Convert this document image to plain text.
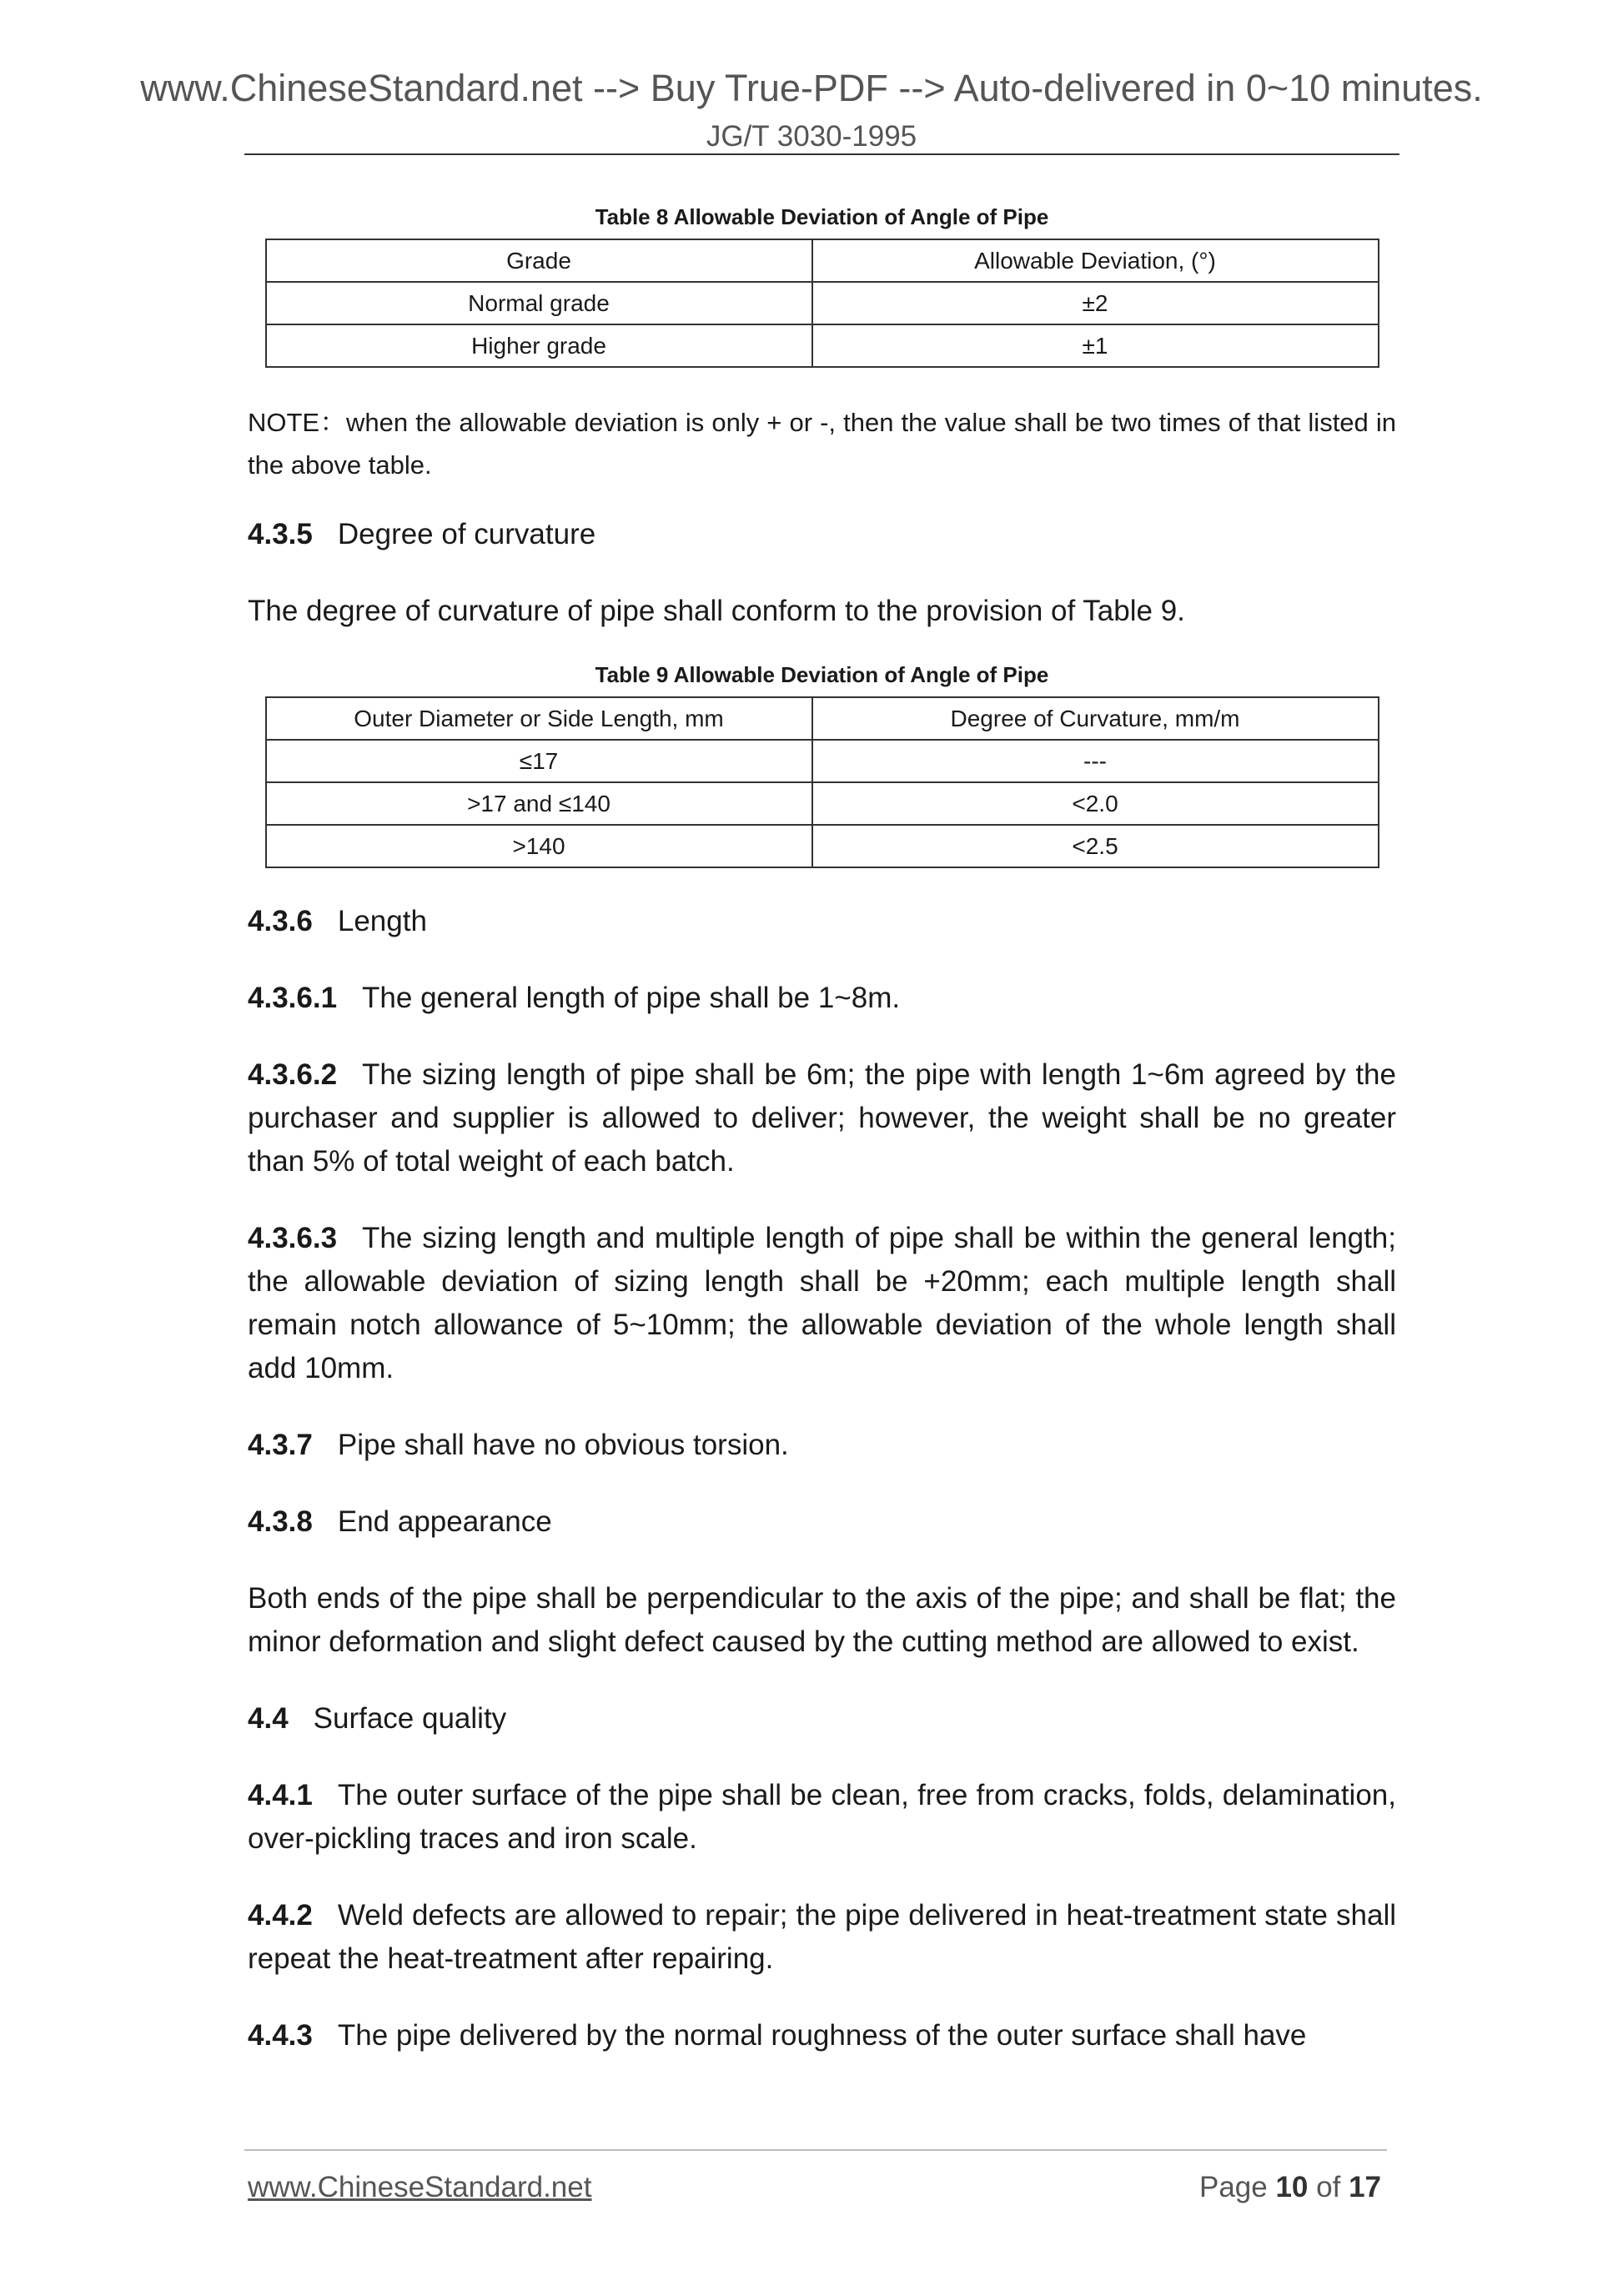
www.ChineseStandard.net --> Buy True-PDF --> Auto-delivered in 0~10 minutes.
JG/T 3030-1995
Table 8 Allowable Deviation of Angle of Pipe
Grade	Allowable Deviation, (°)
Normal grade	±2
Higher grade	±1
NOTE：when the allowable deviation is only + or -, then the value shall be two times of that listed in the above table.
4.3.5 Degree of curvature
The degree of curvature of pipe shall conform to the provision of Table 9.
Table 9 Allowable Deviation of Angle of Pipe
Outer Diameter or Side Length, mm	Degree of Curvature, mm/m
≤17	---
>17 and ≤140	<2.0
>140	<2.5
4.3.6 Length
4.3.6.1 The general length of pipe shall be 1~8m.
4.3.6.2 The sizing length of pipe shall be 6m; the pipe with length 1~6m agreed by the purchaser and supplier is allowed to deliver; however, the weight shall be no greater than 5% of total weight of each batch.
4.3.6.3 The sizing length and multiple length of pipe shall be within the general length; the allowable deviation of sizing length shall be +20mm; each multiple length shall remain notch allowance of 5~10mm; the allowable deviation of the whole length shall add 10mm.
4.3.7 Pipe shall have no obvious torsion.
4.3.8 End appearance
Both ends of the pipe shall be perpendicular to the axis of the pipe; and shall be flat; the minor deformation and slight defect caused by the cutting method are allowed to exist.
4.4 Surface quality
4.4.1 The outer surface of the pipe shall be clean, free from cracks, folds, delamination, over-pickling traces and iron scale.
4.4.2 Weld defects are allowed to repair; the pipe delivered in heat-treatment state shall repeat the heat-treatment after repairing.
4.4.3 The pipe delivered by the normal roughness of the outer surface shall have
www.ChineseStandard.net	Page 10 of 17
